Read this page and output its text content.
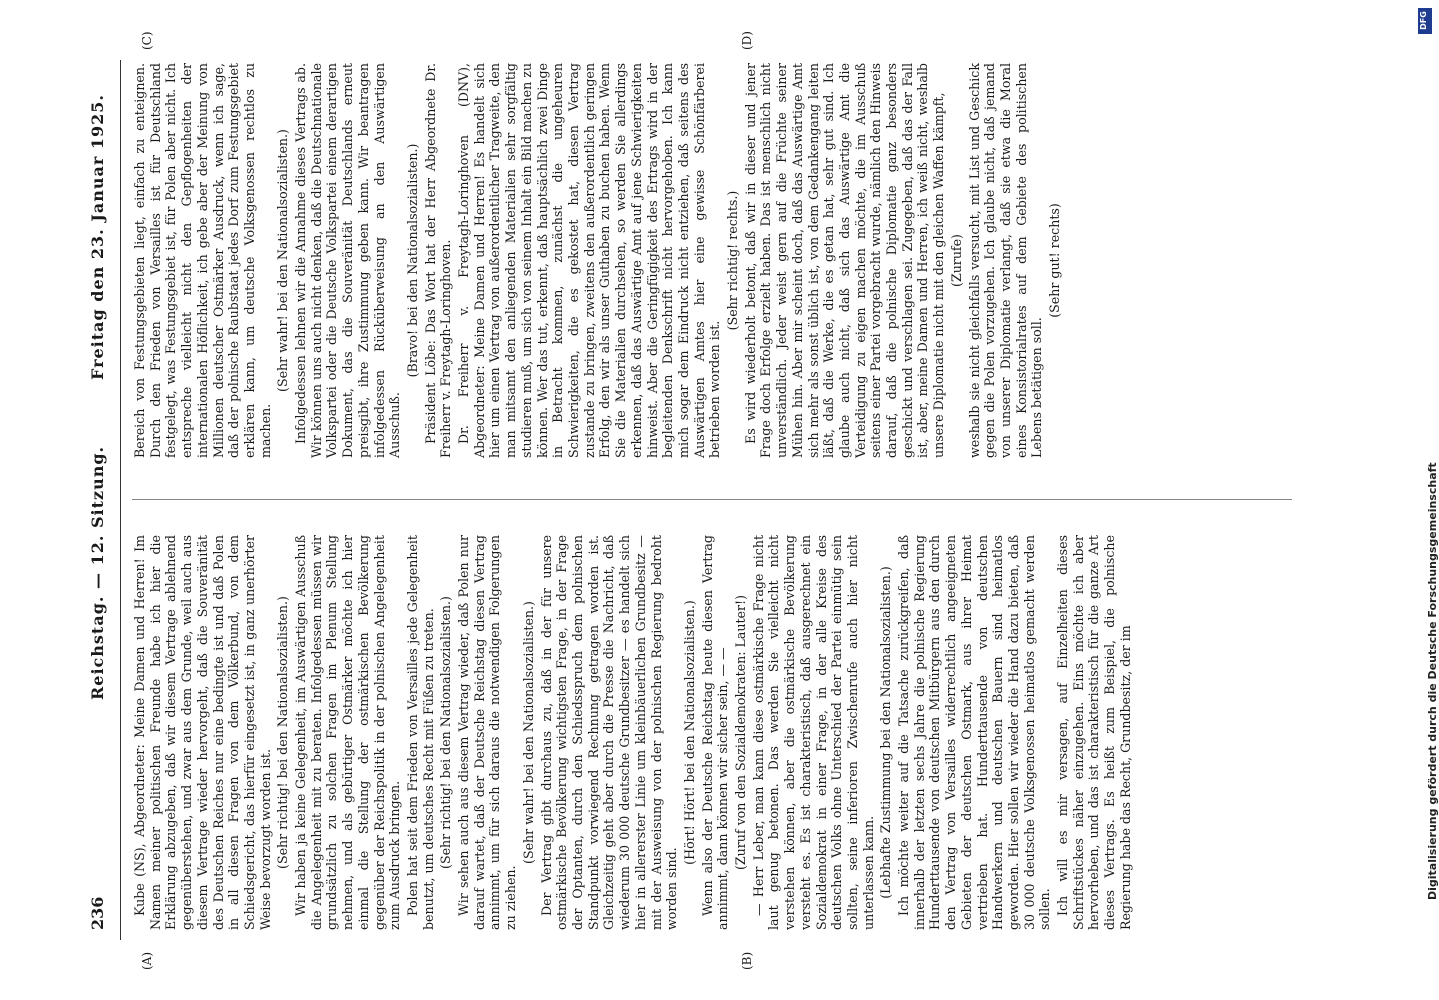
236
Reichstag. — 12. Sitzung.
Freitag den 23. Januar 1925.
(A)	(B)
(C)	(D)

Kube (NS), Abgeordneter: Meine Damen und Herren! Im Namen meiner politischen Freunde habe ich hier die Erklärung abzugeben, daß wir diesem Vertrage ablehnend gegenüberstehen, und zwar aus dem Grunde, weil auch aus diesem Vertrage wieder hervorgeht, daß die Souveränität des Deutschen Reiches nur eine bedingte ist und daß Polen in all diesen Fragen von dem Völkerbund, von dem Schiedsgericht, das hierfür eingesetzt ist, in ganz unerhörter Weise bevorzugt worden ist. (Sehr richtig! bei den Nationalsozialisten.) Wir haben ja keine Gelegenheit, im Auswärtigen Ausschuß die Angelegenheit mit zu beraten. Infolgedessen müssen wir grundsätzlich zu solchen Fragen im Plenum Stellung nehmen, und als gebürtiger Ostmärker möchte ich hier einmal die Stellung der ostmärkischen Bevölkerung gegenüber der Reichspolitik in der polnischen Angelegenheit zum Ausdruck bringen. Polen hat seit dem Frieden von Versailles jede Gelegenheit benutzt, um deutsches Recht mit Füßen zu treten. (Sehr richtig! bei den Nationalsozialisten.) Wir sehen auch aus diesem Vertrag wieder, daß Polen nur darauf wartet, daß der Deutsche Reichstag diesen Vertrag annimmt, um für sich daraus die notwendigen Folgerungen zu ziehen.

(Sehr wahr! bei den Nationalsozialisten.) Der Vertrag gibt durchaus zu, daß in der für unsere ostmärkische Bevölkerung wichtigsten Frage, in der Frage der Optanten, durch den Schiedsspruch dem polnischen Standpunkt vorwiegend Rechnung getragen worden ist. Gleichzeitig geht aber durch die Presse die Nachricht, daß wiederum 30 000 deutsche Grundbesitzer — es handelt sich hier in allererster Linie um kleinbäuerlichen Grundbesitz — mit der Ausweisung von der polnischen Regierung bedroht worden sind.

(Hört! Hört! bei den Nationalsozialisten.) Wenn also der Deutsche Reichstag heute diesen Vertrag annimmt, dann können wir sicher sein, — — (Zuruf von den Sozialdemokraten: Lauter!) — Herr Leber, man kann diese ostmärkische Frage nicht laut genug betonen. Das werden Sie vielleicht nicht verstehen können, aber die ostmärkische Bevölkerung versteht es. Es ist charakteristisch, daß ausgerechnet ein Sozialdemokrat in einer Frage, in der alle Kreise des deutschen Volks ohne Unterschied der Partei einmütig sein sollten, seine inferioren Zwischenrufe auch hier nicht unterlassen kann. (Lebhafte Zustimmung bei den Nationalsozialisten.) Ich möchte weiter auf die Tatsache zurückgreifen, daß innerhalb der letzten sechs Jahre die polnische Regierung Hunderttausende von deutschen Mitbürgern aus den durch den Vertrag von Versailles widerrechtlich angeeigneten Gebieten der deutschen Ostmark, aus ihrer Heimat vertrieben hat. Hunderttausende von deutschen Handwerkern und deutschen Bauern sind heimatlos geworden. Hier sollen wir wieder die Hand dazu bieten, daß 30 000 deutsche Volksgenossen heimatlos gemacht werden sollen. Ich will es mir versagen, auf Einzelheiten dieses Schriftstückes näher einzugehen. Eins möchte ich aber hervorheben, und das ist charakteristisch für die ganze Art dieses Vertrags. Es heißt zum Beispiel, die polnische Regierung habe das Recht, Grundbesitz, der im

Bereich von Festungsgebieten liegt, einfach zu enteignen. Durch den Frieden von Versailles ist für Deutschland festgelegt, was Festungsgebiet ist, für Polen aber nicht. Ich entspreche vielleicht nicht den Gepflogenheiten der internationalen Höflichkeit, ich gebe aber der Meinung von Millionen deutscher Ostmärker Ausdruck, wenn ich sage, daß der polnische Raubstaat jedes Dorf zum Festungsgebiet erklären kann, um deutsche Volksgenossen rechtlos zu machen.

(Sehr wahr! bei den Nationalsozialisten.) Infolgedessen lehnen wir die Annahme dieses Vertrags ab. Wir können uns auch nicht denken, daß die Deutschnationale Volkspartei oder die Deutsche Volkspartei einem derartigen Dokument, das die Souveränität Deutschlands erneut preisgibt, ihre Zustimmung geben kann. Wir beantragen infolgedessen Rücküberweisung an den Auswärtigen Ausschuß.

(Bravo! bei den Nationalsozialisten.) Präsident Löbe: Das Wort hat der Herr Abgeordnete Dr. Freiherr v. Freytagh-Loringhoven. Dr. Freiherr v. Freytagh-Loringhoven (DNV), Abgeordneter: Meine Damen und Herren! Es handelt sich hier um einen Vertrag von außerordentlicher Tragweite, den man mitsamt den anliegenden Materialien sehr sorgfältig studieren muß, um sich von seinem Inhalt ein Bild machen zu können. Wer das tut, erkennt, daß hauptsächlich zwei Dinge in Betracht kommen, zunächst die ungeheuren Schwierigkeiten, die es gekostet hat, diesen Vertrag zustande zu bringen, zweitens den außerordentlich geringen Erfolg, den wir als unser Guthaben zu buchen haben. Wenn Sie die Materialien durchsehen, so werden Sie allerdings erkennen, daß das Auswärtige Amt auf jene Schwierigkeiten hinweist. Aber die Geringfügigkeit des Ertrags wird in der begleitenden Denkschrift nicht hervorgehoben. Ich kann mich sogar dem Eindruck nicht entziehen, daß seitens des Auswärtigen Amtes hier eine gewisse Schönfärberei betrieben worden ist.

(Sehr richtig! rechts.) Es wird wiederholt betont, daß wir in dieser und jener Frage doch Erfolge erzielt haben. Das ist menschlich nicht unverständlich. Jeder weist gern auf die Früchte seiner Mühen hin. Aber mir scheint doch, daß das Auswärtige Amt sich mehr als sonst üblich ist, von dem Gedankengang leiten läßt, daß die Werke, die es getan hat, sehr gut sind. Ich glaube auch nicht, daß sich das Auswärtige Amt die Verteidigung zu eigen machen möchte, die im Ausschuß seitens einer Partei vorgebracht wurde, nämlich den Hinweis darauf, daß die polnische Diplomatie ganz besonders geschickt und verschlagen sei. Zugegeben, daß das der Fall ist, aber, meine Damen und Herren, ich weiß nicht, weshalb unsere Diplomatie nicht mit den gleichen Waffen kämpft, (Zurufe) weshalb sie nicht gleichfalls versucht, mit List und Geschick gegen die Polen vorzugehen. Ich glaube nicht, daß jemand von unserer Diplomatie verlangt, daß sie etwa die Moral eines Konsistorialrates auf dem Gebiete des politischen Lebens betätigen soll.

(Sehr gut! rechts)

DFG
Digitalisierung gefördert durch die Deutsche Forschungsgemeinschaft
